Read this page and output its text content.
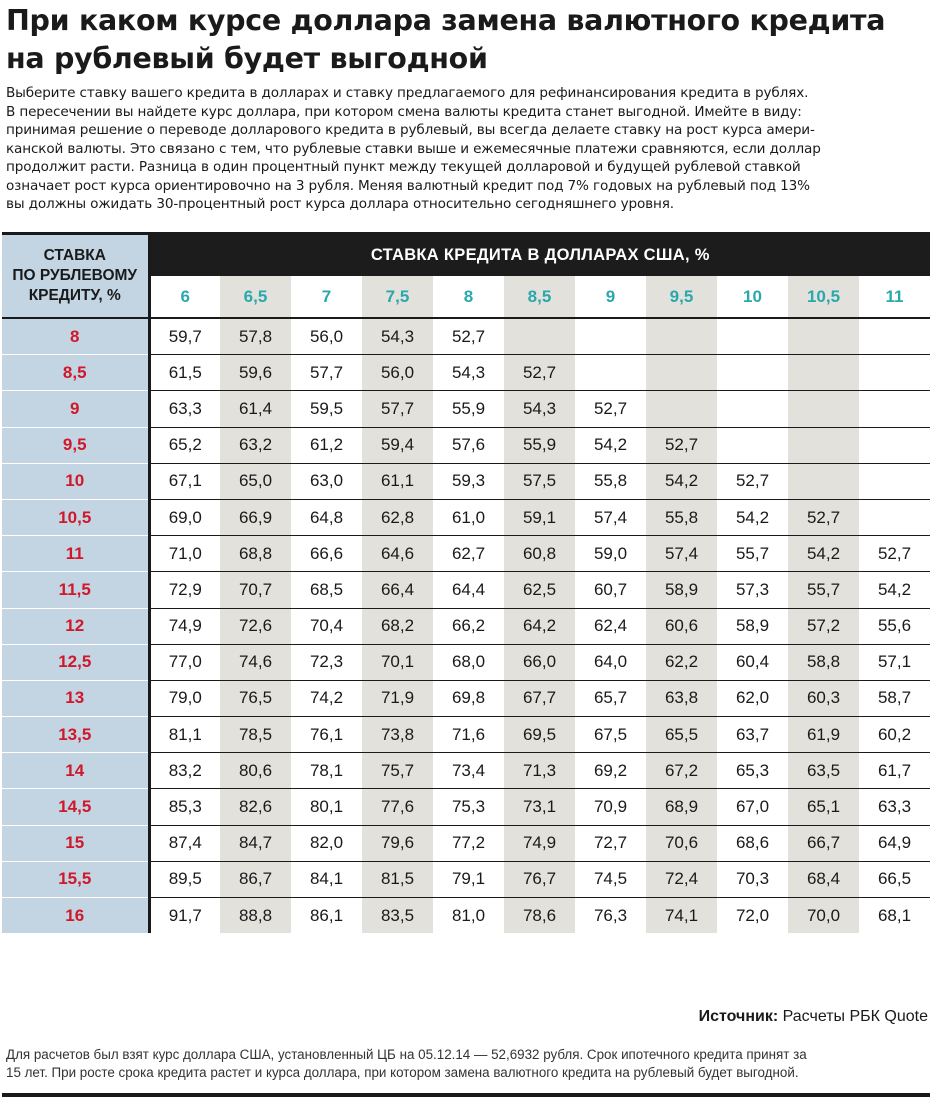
При каком курсе доллара замена валютного кредита
на рублевый будет выгодной
Выберите ставку вашего кредита в долларах и ставку предлагаемого для рефинансирования кредита в рублях.
В пересечении вы найдете курс доллара, при котором смена валюты кредита станет выгодной. Имейте в виду:
принимая решение о переводе долларового кредита в рублевый, вы всегда делаете ставку на рост курса амери-
канской валюты. Это связано с тем, что рублевые ставки выше и ежемесячные платежи сравняются, если доллар
продолжит расти. Разница в один процентный пункт между текущей долларовой и будущей рублевой ставкой
означает рост курса ориентировочно на 3 рубля. Меняя валютный кредит под 7% годовых на рублевый под 13%
вы должны ожидать 30-процентный рост курса доллара относительно сегодняшнего уровня.
СТАВКА
ПО РУБЛЕВОМУ
КРЕДИТУ, %	СТАВКА КРЕДИТА В ДОЛЛАРАХ США, %										
	6	6,5	7	7,5	8	8,5	9	9,5	10	10,5	11
8	59,7	57,8	56,0	54,3	52,7						
8,5	61,5	59,6	57,7	56,0	54,3	52,7					
9	63,3	61,4	59,5	57,7	55,9	54,3	52,7				
9,5	65,2	63,2	61,2	59,4	57,6	55,9	54,2	52,7			
10	67,1	65,0	63,0	61,1	59,3	57,5	55,8	54,2	52,7		
10,5	69,0	66,9	64,8	62,8	61,0	59,1	57,4	55,8	54,2	52,7	
11	71,0	68,8	66,6	64,6	62,7	60,8	59,0	57,4	55,7	54,2	52,7
11,5	72,9	70,7	68,5	66,4	64,4	62,5	60,7	58,9	57,3	55,7	54,2
12	74,9	72,6	70,4	68,2	66,2	64,2	62,4	60,6	58,9	57,2	55,6
12,5	77,0	74,6	72,3	70,1	68,0	66,0	64,0	62,2	60,4	58,8	57,1
13	79,0	76,5	74,2	71,9	69,8	67,7	65,7	63,8	62,0	60,3	58,7
13,5	81,1	78,5	76,1	73,8	71,6	69,5	67,5	65,5	63,7	61,9	60,2
14	83,2	80,6	78,1	75,7	73,4	71,3	69,2	67,2	65,3	63,5	61,7
14,5	85,3	82,6	80,1	77,6	75,3	73,1	70,9	68,9	67,0	65,1	63,3
15	87,4	84,7	82,0	79,6	77,2	74,9	72,7	70,6	68,6	66,7	64,9
15,5	89,5	86,7	84,1	81,5	79,1	76,7	74,5	72,4	70,3	68,4	66,5
16	91,7	88,8	86,1	83,5	81,0	78,6	76,3	74,1	72,0	70,0	68,1
Источник: Расчеты РБК Quote
Для расчетов был взят курс доллара США, установленный ЦБ на 05.12.14 — 52,6932 рубля. Срок ипотечного кредита принят за
15 лет. При росте срока кредита растет и курса доллара, при котором замена валютного кредита на рублевый будет выгодной.
